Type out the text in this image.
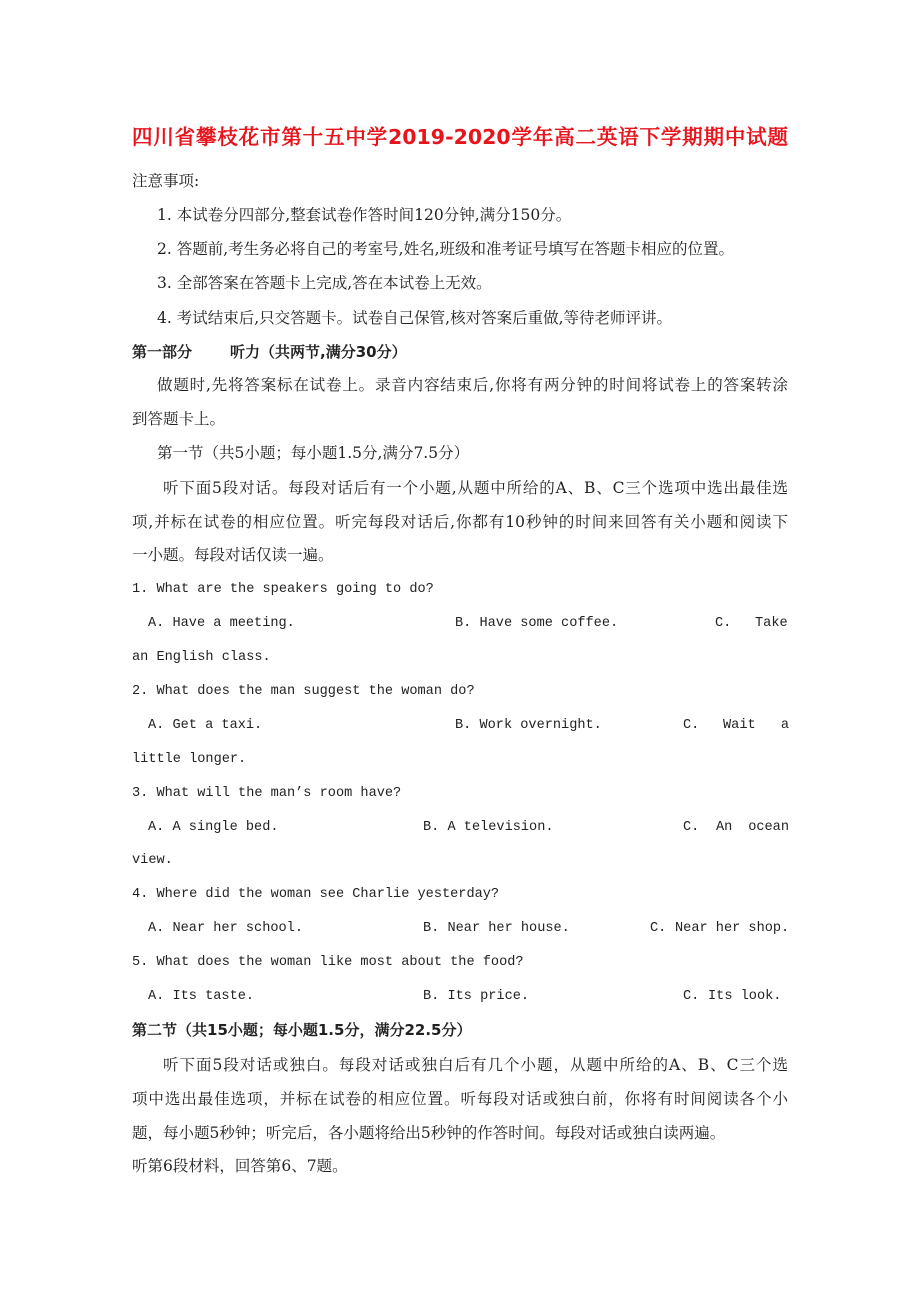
四川省攀枝花市第十五中学2019-2020学年高二英语下学期期中试题
注意事项:
1. 本试卷分四部分,整套试卷作答时间120分钟,满分150分。
2. 答题前,考生务必将自己的考室号,姓名,班级和准考证号填写在答题卡相应的位置。
3. 全部答案在答题卡上完成,答在本试卷上无效。
4. 考试结束后,只交答题卡。试卷自己保管,核对答案后重做,等待老师评讲。
第一部分	听力（共两节,满分30分）
做题时,先将答案标在试卷上。录音内容结束后,你将有两分钟的时间将试卷上的答案转涂
到答题卡上。
第一节（共5小题；每小题1.5分,满分7.5分）
听下面5段对话。每段对话后有一个小题,从题中所给的A、B、C三个选项中选出最佳选
项,并标在试卷的相应位置。听完每段对话后,你都有10秒钟的时间来回答有关小题和阅读下
一小题。每段对话仅读一遍。
1. What are the speakers going to do?
A. Have a meeting.	B. Have some coffee.	C. Take
an English class.
2. What does the man suggest the woman do?
A. Get a taxi.	B. Work overnight.	C. Wait a
little longer.
3. What will the man’s room have?
A. A single bed.	B. A television.	C. An ocean
view.
4. Where did the woman see Charlie yesterday?
A. Near her school.	B. Near her house.	C. Near her shop.
5. What does the woman like most about the food?
A. Its taste.	B. Its price.	C. Its look.
第二节（共15小题；每小题1.5分，满分22.5分）
听下面5段对话或独白。每段对话或独白后有几个小题，从题中所给的A、B、C三个选
项中选出最佳选项，并标在试卷的相应位置。听每段对话或独白前，你将有时间阅读各个小
题，每小题5秒钟；听完后，各小题将给出5秒钟的作答时间。每段对话或独白读两遍。
听第6段材料，回答第6、7题。
